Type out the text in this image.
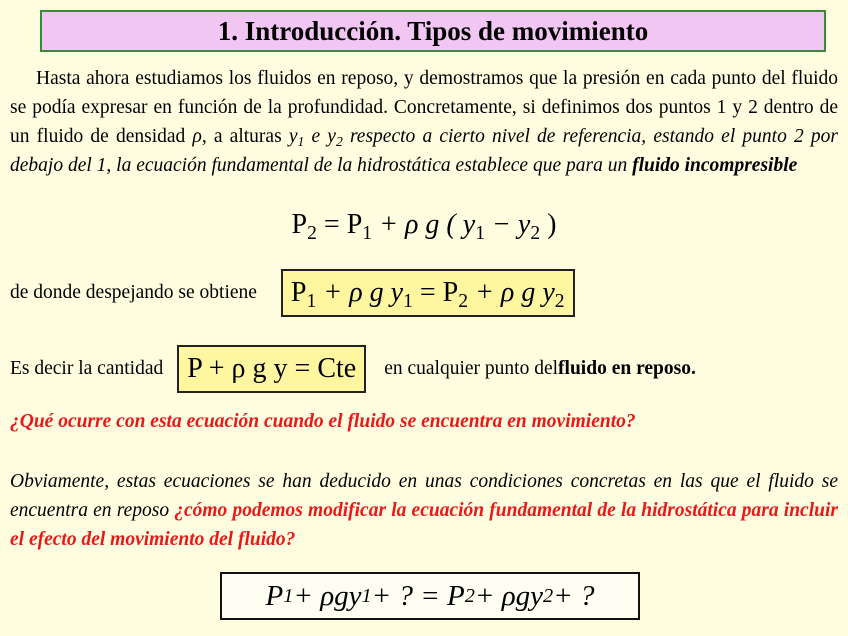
1. Introducción. Tipos de movimiento
Hasta ahora estudiamos los fluidos en reposo, y demostramos que la presión en cada punto del fluido se podía expresar en función de la profundidad. Concretamente, si definimos dos puntos 1 y 2 dentro de un fluido de densidad ρ, a alturas $y_1$ e $y_2$ respecto a cierto nivel de referencia, estando el punto 2 por debajo del 1, la ecuación fundamental de la hidrostática establece que para un fluido incompresible
$P_2 = P_1 + \rho$ g ( $y_1 - y_2$ )
de donde despejando se obtiene	$P_1 + \rho$ g $y_1 = P_2 + \rho$ g $y_2$
Es decir la cantidad P + ρ g y = Cte	en cualquier punto del fluido en reposo.
¿Qué ocurre con esta ecuación cuando el fluido se encuentra en movimiento?
Obviamente, estas ecuaciones se han deducido en unas condiciones concretas en las que el fluido se encuentra en reposo ¿cómo podemos modificar la ecuación fundamental de la hidrostática para incluir el efecto del movimiento del fluido?
P 1 + ρgy 1 + ? = P 2 + ρgy 2 + ?
